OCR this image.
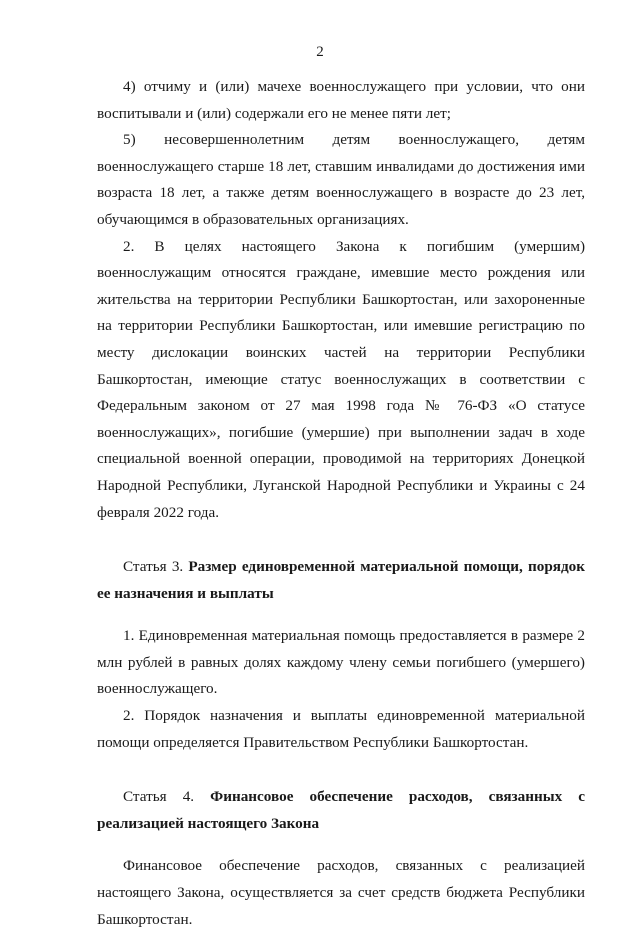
2

4) отчиму и (или) мачехе военнослужащего при условии, что они воспитывали и (или) содержали его не менее пяти лет;

5) несовершеннолетним детям военнослужащего, детям военнослужащего старше 18 лет, ставшим инвалидами до достижения ими возраста 18 лет, а также детям военнослужащего в возрасте до 23 лет, обучающимся в образовательных организациях.

2. В целях настоящего Закона к погибшим (умершим) военнослужащим относятся граждане, имевшие место рождения или жительства на территории Республики Башкортостан, или захороненные на территории Республики Башкортостан, или имевшие регистрацию по месту дислокации воинских частей на территории Республики Башкортостан, имеющие статус военнослужащих в соответствии с Федеральным законом от 27 мая 1998 года № 76-ФЗ «О статусе военнослужащих», погибшие (умершие) при выполнении задач в ходе специальной военной операции, проводимой на территориях Донецкой Народной Республики, Луганской Народной Республики и Украины с 24 февраля 2022 года.

Статья 3. Размер единовременной материальной помощи, порядок ее назначения и выплаты

1. Единовременная материальная помощь предоставляется в размере 2 млн рублей в равных долях каждому члену семьи погибшего (умершего) военнослужащего.

2. Порядок назначения и выплаты единовременной материальной помощи определяется Правительством Республики Башкортостан.

Статья 4. Финансовое обеспечение расходов, связанных с реализацией настоящего Закона

Финансовое обеспечение расходов, связанных с реализацией настоящего Закона, осуществляется за счет средств бюджета Республики Башкортостан.
